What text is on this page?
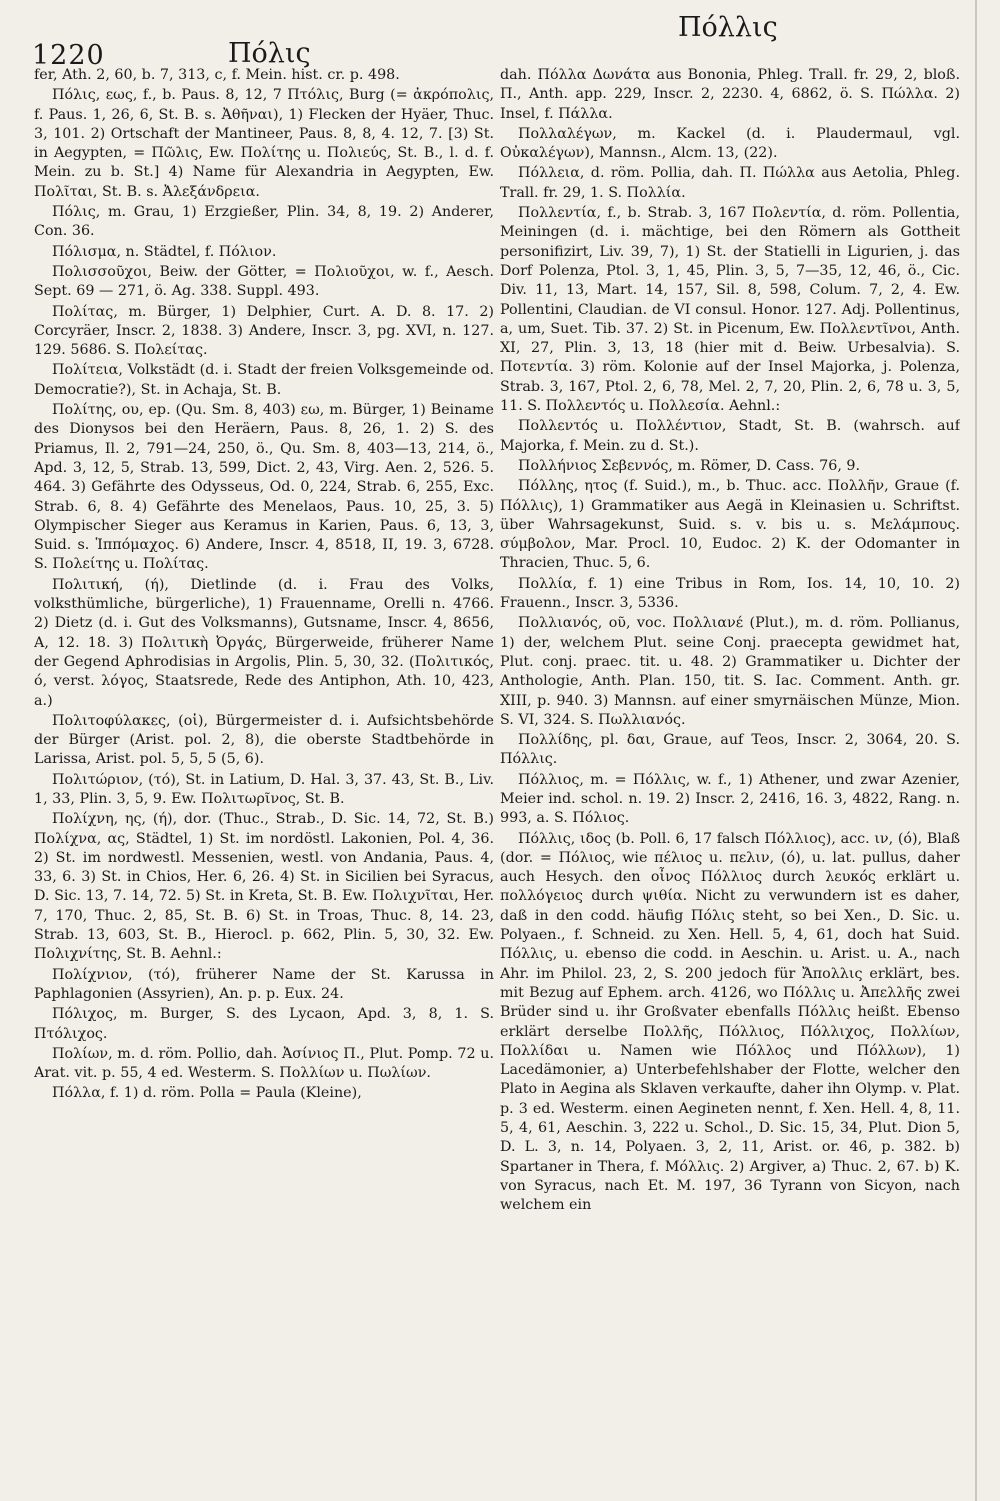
1220	Πόλις
Πόλλις

fer, Ath. 2, 60, b. 7, 313, c, f. Mein. hist. cr. p. 498.

Πόλις, εως, f., b. Paus. 8, 12, 7 Πτόλις, Burg (= ἀκρόπολις, f. Paus. 1, 26, 6, St. B. s. Ἀθῆναι), 1) Flecken der Hyäer, Thuc. 3, 101. 2) Ortschaft der Mantineer, Paus. 8, 8, 4. 12, 7. [3) St. in Aegypten, = Πῶλις, Ew. Πολίτης u. Πολιεύς, St. B., l. d. f. Mein. zu b. St.] 4) Name für Alexandria in Aegypten, Ew. Πολῖται, St. B. s. Ἀλεξάνδρεια.

Πόλις, m. Grau, 1) Erzgießer, Plin. 34, 8, 19. 2) Anderer, Con. 36.

Πόλισμα, n. Städtel, f. Πόλιον.

Πολισσοῦχοι, Beiw. der Götter, = Πολιοῦχοι, w. f., Aesch. Sept. 69 — 271, ö. Ag. 338. Suppl. 493.

Πολίτας, m. Bürger, 1) Delphier, Curt. A. D. 8. 17. 2) Corcyräer, Inscr. 2, 1838. 3) Andere, Inscr. 3, pg. XVI, n. 127. 129. 5686. S. Πολείτας.

Πολίτεια, Volkstädt (d. i. Stadt der freien Volksgemeinde od. Democratie?), St. in Achaja, St. B.

Πολίτης, ου, ep. (Qu. Sm. 8, 403) εω, m. Bürger, 1) Beiname des Dionysos bei den Heräern, Paus. 8, 26, 1. 2) S. des Priamus, Il. 2, 791—24, 250, ö., Qu. Sm. 8, 403—13, 214, ö., Apd. 3, 12, 5, Strab. 13, 599, Dict. 2, 43, Virg. Aen. 2, 526. 5. 464. 3) Gefährte des Odysseus, Od. 0, 224, Strab. 6, 255, Exc. Strab. 6, 8. 4) Gefährte des Menelaos, Paus. 10, 25, 3. 5) Olympischer Sieger aus Keramus in Karien, Paus. 6, 13, 3, Suid. s. Ἱππόμαχος. 6) Andere, Inscr. 4, 8518, II, 19. 3, 6728. S. Πολείτης u. Πολίτας.

Πολιτική, (ή), Dietlinde (d. i. Frau des Volks, volksthümliche, bürgerliche), 1) Frauenname, Orelli n. 4766. 2) Dietz (d. i. Gut des Volksmanns), Gutsname, Inscr. 4, 8656, A, 12. 18. 3) Πολιτικὴ Ὀργάς, Bürgerweide, früherer Name der Gegend Aphrodisias in Argolis, Plin. 5, 30, 32. (Πολιτικός, ό, verst. λόγος, Staatsrede, Rede des Antiphon, Ath. 10, 423, a.)

Πολιτοφύλακες, (οἱ), Bürgermeister d. i. Aufsichtsbehörde der Bürger (Arist. pol. 2, 8), die oberste Stadtbehörde in Larissa, Arist. pol. 5, 5, 5 (5, 6).

Πολιτώριον, (τό), St. in Latium, D. Hal. 3, 37. 43, St. B., Liv. 1, 33, Plin. 3, 5, 9. Ew. Πολιτωρῖνος, St. B.

Πολίχνη, ης, (ή), dor. (Thuc., Strab., D. Sic. 14, 72, St. B.) Πολίχνα, ας, Städtel, 1) St. im nordöstl. Lakonien, Pol. 4, 36. 2) St. im nordwestl. Messenien, westl. von Andania, Paus. 4, 33, 6. 3) St. in Chios, Her. 6, 26. 4) St. in Sicilien bei Syracus, D. Sic. 13, 7. 14, 72. 5) St. in Kreta, St. B. Ew. Πολιχνῖται, Her. 7, 170, Thuc. 2, 85, St. B. 6) St. in Troas, Thuc. 8, 14. 23, Strab. 13, 603, St. B., Hierocl. p. 662, Plin. 5, 30, 32. Ew. Πολιχνίτης, St. B. Aehnl.:

Πολίχνιον, (τό), früherer Name der St. Karussa in Paphlagonien (Assyrien), An. p. p. Eux. 24.

Πόλιχος, m. Burger, S. des Lycaon, Apd. 3, 8, 1. S. Πτόλιχος.

Πολίων, m. d. röm. Pollio, dah. Ἀσίνιος Π., Plut. Pomp. 72 u. Arat. vit. p. 55, 4 ed. Westerm. S. Πολλίων u. Πωλίων.

Πόλλα, f. 1) d. röm. Polla = Paula (Kleine),

dah. Πόλλα Δωνάτα aus Bononia, Phleg. Trall. fr. 29, 2, bloß. Π., Anth. app. 229, Inscr. 2, 2230. 4, 6862, ö. S. Πώλλα. 2) Insel, f. Πάλλα.

Πολλαλέγων, m. Kackel (d. i. Plaudermaul, vgl. Οὐκαλέγων), Mannsn., Alcm. 13, (22).

Πόλλεια, d. röm. Pollia, dah. Π. Πώλλα aus Aetolia, Phleg. Trall. fr. 29, 1. S. Πολλία.

Πολλεντία, f., b. Strab. 3, 167 Πολεντία, d. röm. Pollentia, Meiningen (d. i. mächtige, bei den Römern als Gottheit personifizirt, Liv. 39, 7), 1) St. der Statielli in Ligurien, j. das Dorf Polenza, Ptol. 3, 1, 45, Plin. 3, 5, 7—35, 12, 46, ö., Cic. Div. 11, 13, Mart. 14, 157, Sil. 8, 598, Colum. 7, 2, 4. Ew. Pollentini, Claudian. de VI consul. Honor. 127. Adj. Pollentinus, a, um, Suet. Tib. 37. 2) St. in Picenum, Ew. Πολλεντῖνοι, Anth. XI, 27, Plin. 3, 13, 18 (hier mit d. Beiw. Urbesalvia). S. Ποτεντία. 3) röm. Kolonie auf der Insel Majorka, j. Polenza, Strab. 3, 167, Ptol. 2, 6, 78, Mel. 2, 7, 20, Plin. 2, 6, 78 u. 3, 5, 11. S. Πολλεντός u. Πολλεσία. Aehnl.:

Πολλεντός u. Πολλέντιον, Stadt, St. B. (wahrsch. auf Majorka, f. Mein. zu d. St.).

Πολλήνιος Σεβεννός, m. Römer, D. Cass. 76, 9.

Πόλλης, ητος (f. Suid.), m., b. Thuc. acc. Πολλῆν, Graue (f. Πόλλις), 1) Grammatiker aus Aegä in Kleinasien u. Schriftst. über Wahrsagekunst, Suid. s. v. bis u. s. Μελάμπους. σύμβολον, Mar. Procl. 10, Eudoc. 2) K. der Odomanter in Thracien, Thuc. 5, 6.

Πολλία, f. 1) eine Tribus in Rom, Ios. 14, 10, 10. 2) Frauenn., Inscr. 3, 5336.

Πολλιανός, οῦ, voc. Πολλιανέ (Plut.), m. d. röm. Pollianus, 1) der, welchem Plut. seine Conj. praecepta gewidmet hat, Plut. conj. praec. tit. u. 48. 2) Grammatiker u. Dichter der Anthologie, Anth. Plan. 150, tit. S. Iac. Comment. Anth. gr. XIII, p. 940. 3) Mannsn. auf einer smyrnäischen Münze, Mion. S. VI, 324. S. Πωλλιανός.

Πολλίδης, pl. δαι, Graue, auf Teos, Inscr. 2, 3064, 20. S. Πόλλις.

Πόλλιος, m. = Πόλλις, w. f., 1) Athener, und zwar Azenier, Meier ind. schol. n. 19. 2) Inscr. 2, 2416, 16. 3, 4822, Rang. n. 993, a. S. Πόλιος.

Πόλλις, ιδος (b. Poll. 6, 17 falsch Πόλλιος), acc. ιν, (ό), Blaß (dor. = Πόλιος, wie πέλιος u. πελιν, (ό), u. lat. pullus, daher auch Hesych. den οἶνος Πόλλιος durch λευκός erklärt u. πολλόγειος durch ψιθία. Nicht zu verwundern ist es daher, daß in den codd. häufig Πόλις steht, so bei Xen., D. Sic. u. Polyaen., f. Schneid. zu Xen. Hell. 5, 4, 61, doch hat Suid. Πόλλις, u. ebenso die codd. in Aeschin. u. Arist. u. A., nach Ahr. im Philol. 23, 2, S. 200 jedoch für Ἄπολλις erklärt, bes. mit Bezug auf Ephem. arch. 4126, wo Πόλλις u. Ἀπελλῆς zwei Brüder sind u. ihr Großvater ebenfalls Πόλλις heißt. Ebenso erklärt derselbe Πολλῆς, Πόλλιος, Πόλλιχος, Πολλίων, Πολλίδαι u. Namen wie Πόλλος und Πόλλων), 1) Lacedämonier, a) Unterbefehlshaber der Flotte, welcher den Plato in Aegina als Sklaven verkaufte, daher ihn Olymp. v. Plat. p. 3 ed. Westerm. einen Aegineten nennt, f. Xen. Hell. 4, 8, 11. 5, 4, 61, Aeschin. 3, 222 u. Schol., D. Sic. 15, 34, Plut. Dion 5, D. L. 3, n. 14, Polyaen. 3, 2, 11, Arist. or. 46, p. 382. b) Spartaner in Thera, f. Μόλλις. 2) Argiver, a) Thuc. 2, 67. b) K. von Syracus, nach Et. M. 197, 36 Tyrann von Sicyon, nach welchem ein
